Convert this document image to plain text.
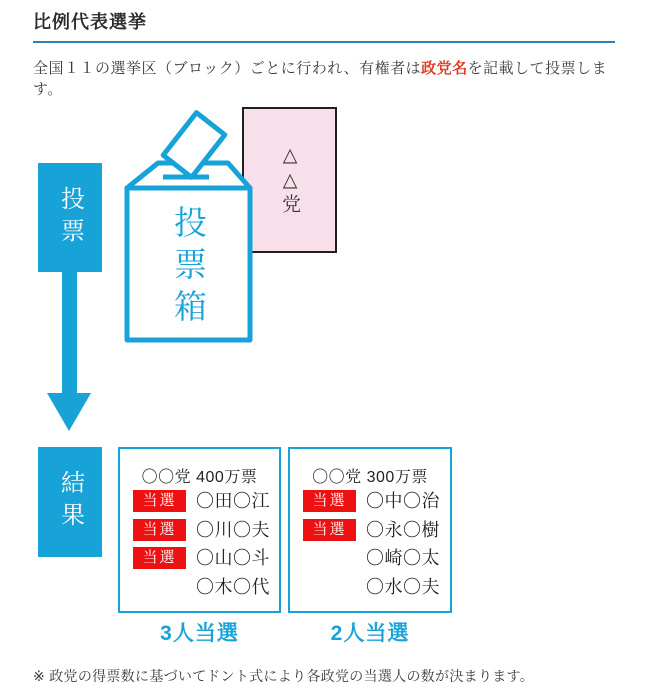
比例代表選挙

全国１１の選挙区（ブロック）ごとに行われ、有権者は政党名を記載して投票します。

投票
結果
△△党
投票箱
〇〇党 400万票
当選	〇田〇江
当選	〇川〇夫
当選	〇山〇斗
〇木〇代
3人当選
〇〇党 300万票
当選	〇中〇治
当選	〇永〇樹
〇崎〇太
〇水〇夫
2人当選

※ 政党の得票数に基づいてドント式により各政党の当選人の数が決まります。
